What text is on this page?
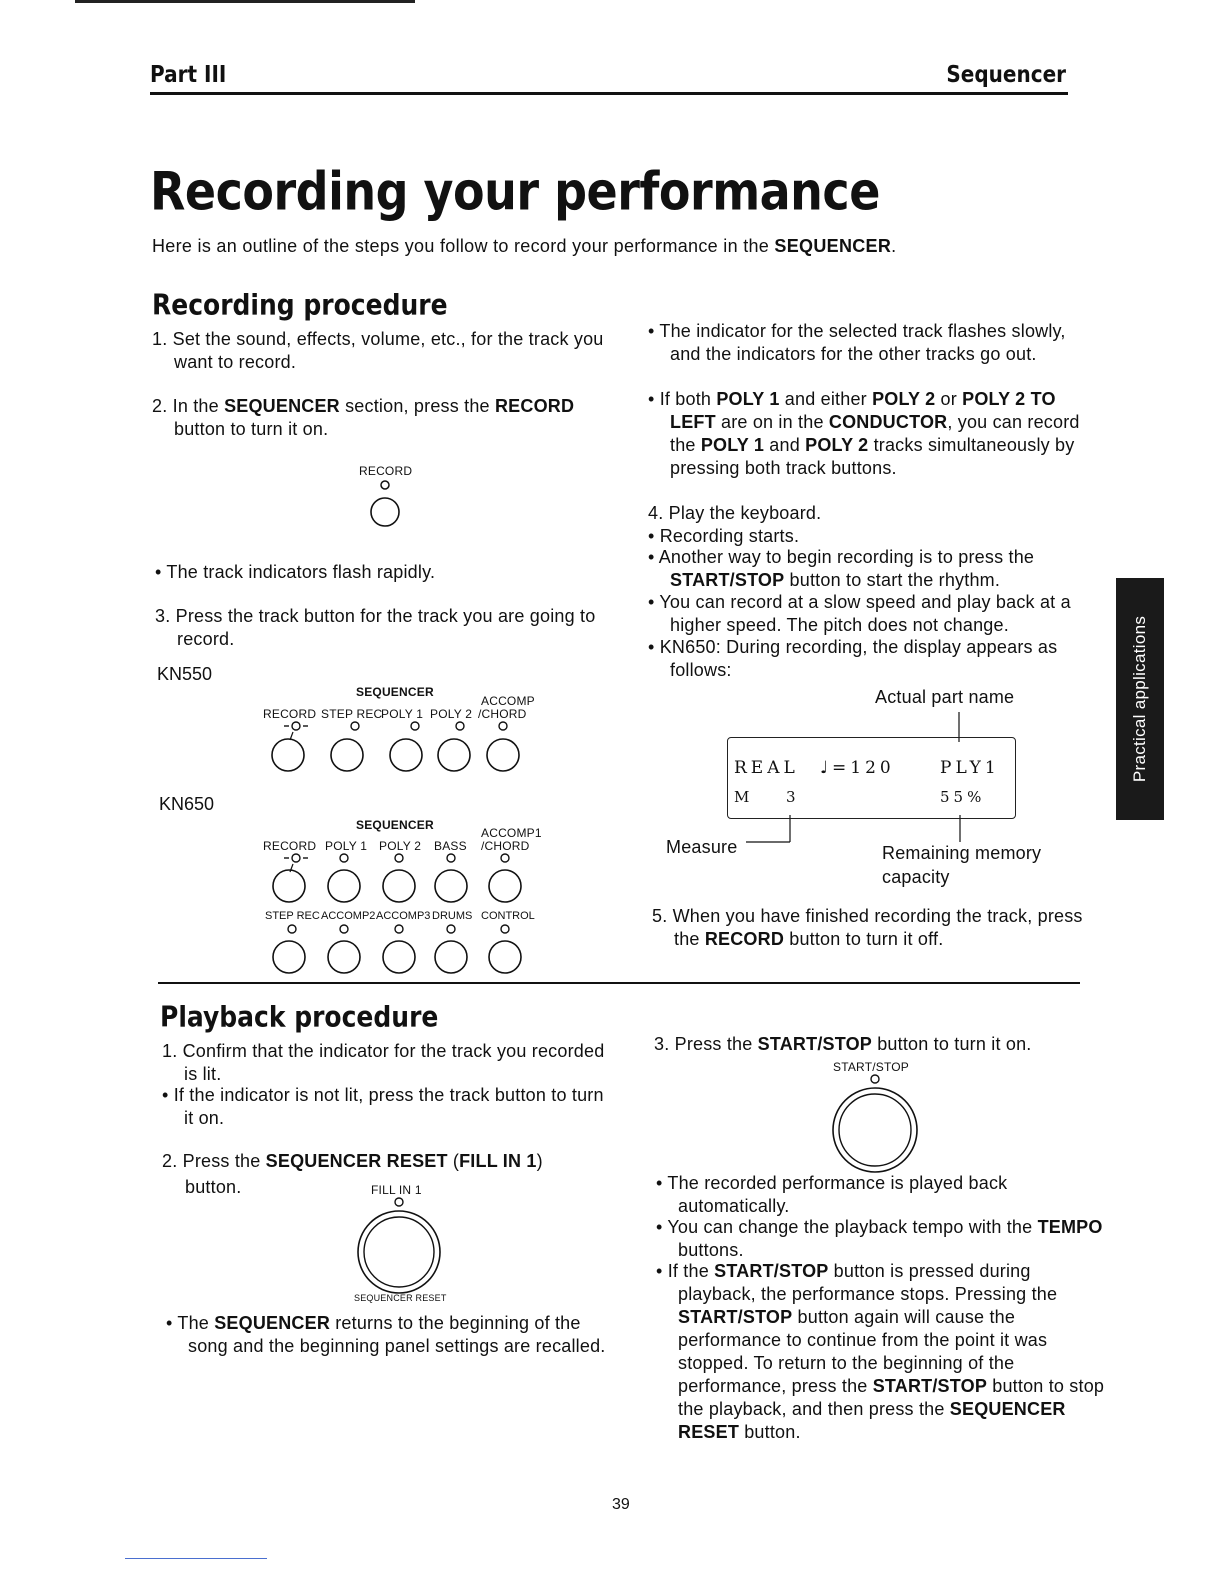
Part III	Sequencer
Recording your performance
Here is an outline of the steps you follow to record your performance in the SEQUENCER.
Recording procedure
1. Set the sound, effects, volume, etc., for the track you want to record.
2. In the SEQUENCER section, press the RECORD button to turn it on.
RECORD
• The track indicators flash rapidly.
3. Press the track button for the track you are going to record.
KN550
SEQUENCER
ACCOMP
RECORD STEP REC
POLY 1 POLY 2 /CHORD
KN650
SEQUENCER
ACCOMP1
RECORD POLY 1 POLY 2 BASS /CHORD
STEP REC ACCOMP2 ACCOMP3 DRUMS CONTROL
• The indicator for the selected track flashes slowly, and the indicators for the other tracks go out.
• If both POLY 1 and either POLY 2 or POLY 2 TO LEFT are on in the CONDUCTOR, you can record the POLY 1 and POLY 2 tracks simultaneously by pressing both track buttons.
4. Play the keyboard.
• Recording starts.
• Another way to begin recording is to press the START/STOP button to start the rhythm.
• You can record at a slow speed and play back at a higher speed. The pitch does not change.
• KN650: During recording, the display appears as follows:
Actual part name
REAL ♩=120	PLY1
M 3	55%
Measure	Remaining memory
capacity
5. When you have finished recording the track, press the RECORD button to turn it off.
Playback procedure
1. Confirm that the indicator for the track you recorded is lit.
• If the indicator is not lit, press the track button to turn it on.
2. Press the SEQUENCER RESET (FILL IN 1)
button.	FILL IN 1
SEQUENCER RESET
• The SEQUENCER returns to the beginning of the song and the beginning panel settings are recalled.
3. Press the START/STOP button to turn it on.
START/STOP
• The recorded performance is played back automatically.
• You can change the playback tempo with the TEMPO buttons.
• If the START/STOP button is pressed during playback, the performance stops. Pressing the START/STOP button again will cause the performance to continue from the point it was stopped. To return to the beginning of the performance, press the START/STOP button to stop the playback, and then press the SEQUENCER RESET button.
Practical applications
39
